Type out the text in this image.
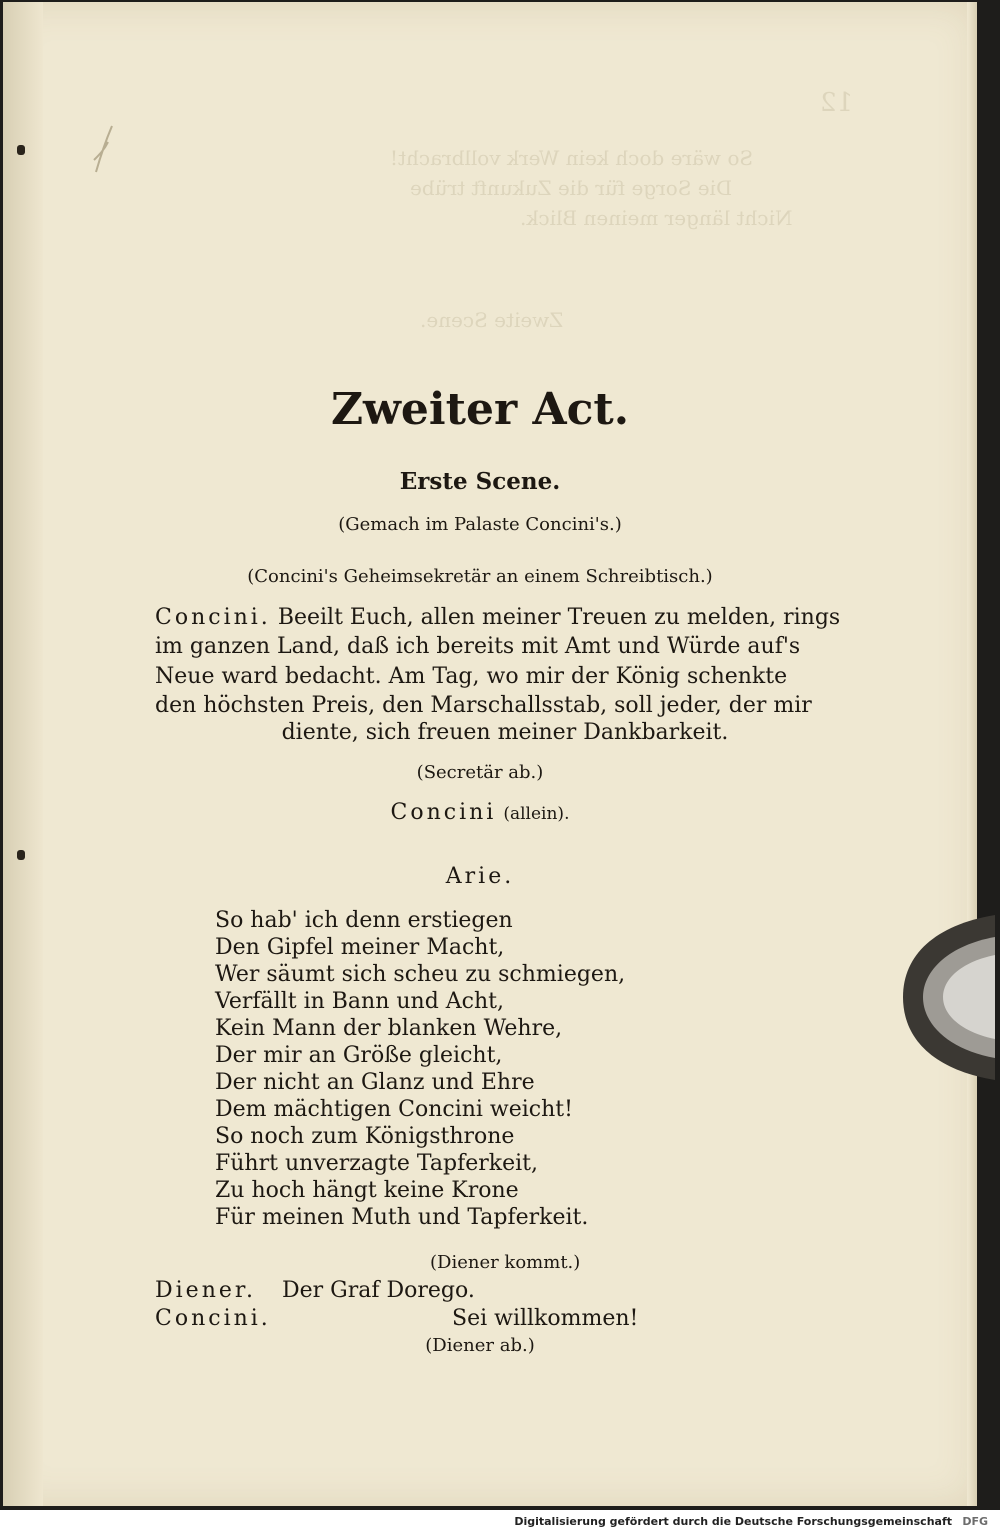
12
So wäre doch kein Werk vollbracht!
Die Sorge für die Zukunft trübe
Nicht länger meinen Blick.
Zweite Scene.
Zweiter Act.
Erste Scene.
(Gemach im Palaste Concini's.)
(Concini's Geheimsekretär an einem Schreibtisch.)
Concini. Beeilt Euch, allen meiner Treuen zu melden, rings
im ganzen Land, daß ich bereits mit Amt und Würde auf's
Neue ward bedacht. Am Tag, wo mir der König schenkte
den höchsten Preis, den Marschallsstab, soll jeder, der mir
diente, sich freuen meiner Dankbarkeit.
(Secretär ab.)
Concini (allein).
Arie.
So hab' ich denn erstiegen
Den Gipfel meiner Macht,
Wer säumt sich scheu zu schmiegen,
Verfällt in Bann und Acht,
Kein Mann der blanken Wehre,
Der mir an Größe gleicht,
Der nicht an Glanz und Ehre
Dem mächtigen Concini weicht!
So noch zum Königsthrone
Führt unverzagte Tapferkeit,
Zu hoch hängt keine Krone
Für meinen Muth und Tapferkeit.
(Diener kommt.)
Diener. Der Graf Dorego.
Concini.	Sei willkommen!
(Diener ab.)
Digitalisierung gefördert durch die Deutsche Forschungsgemeinschaft DFG
